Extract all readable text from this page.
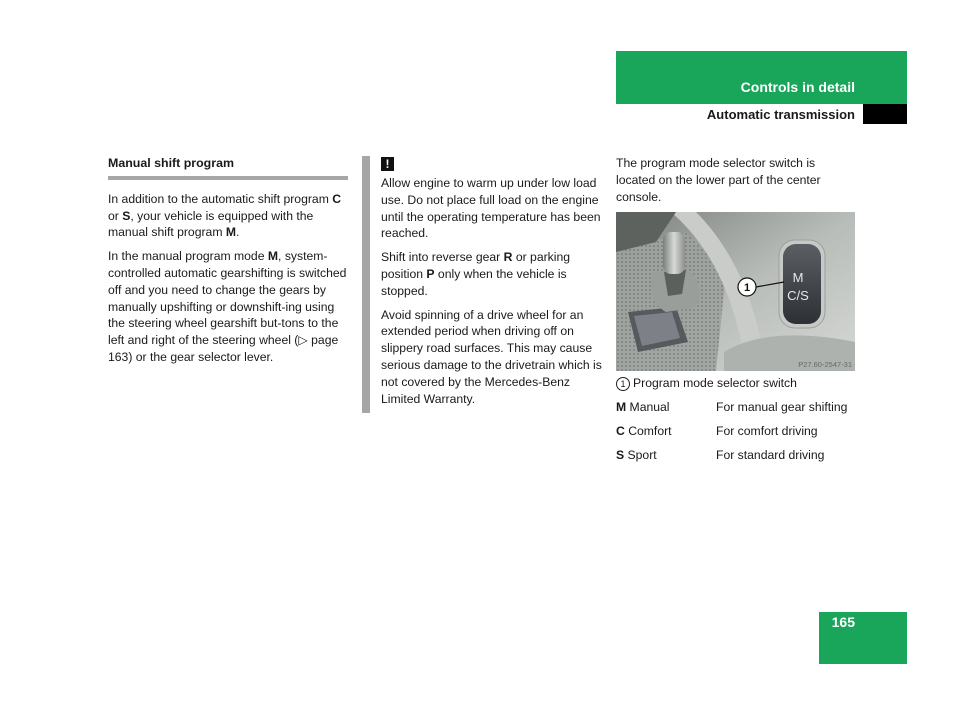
Controls in detail
Automatic transmission
Manual shift program

In addition to the automatic shift program C or S, your vehicle is equipped with the manual shift program M.

In the manual program mode M, system-controlled automatic gearshifting is switched off and you need to change the gears by manually upshifting or downshift-ing using the steering wheel gearshift but-tons to the left and right of the steering wheel (▷ page 163) or the gear selector lever.

!

Allow engine to warm up under low load use. Do not place full load on the engine until the operating temperature has been reached.

Shift into reverse gear R or parking position P only when the vehicle is stopped.

Avoid spinning of a drive wheel for an extended period when driving off on slippery road surfaces. This may cause serious damage to the drivetrain which is not covered by the Mercedes-Benz Limited Warranty.

The program mode selector switch is located on the lower part of the center console.

M
C/S
1
P27.60-2547-31
1 Program mode selector switch
M Manual	For manual gear shifting
C Comfort	For comfort driving
S Sport	For standard driving
165
